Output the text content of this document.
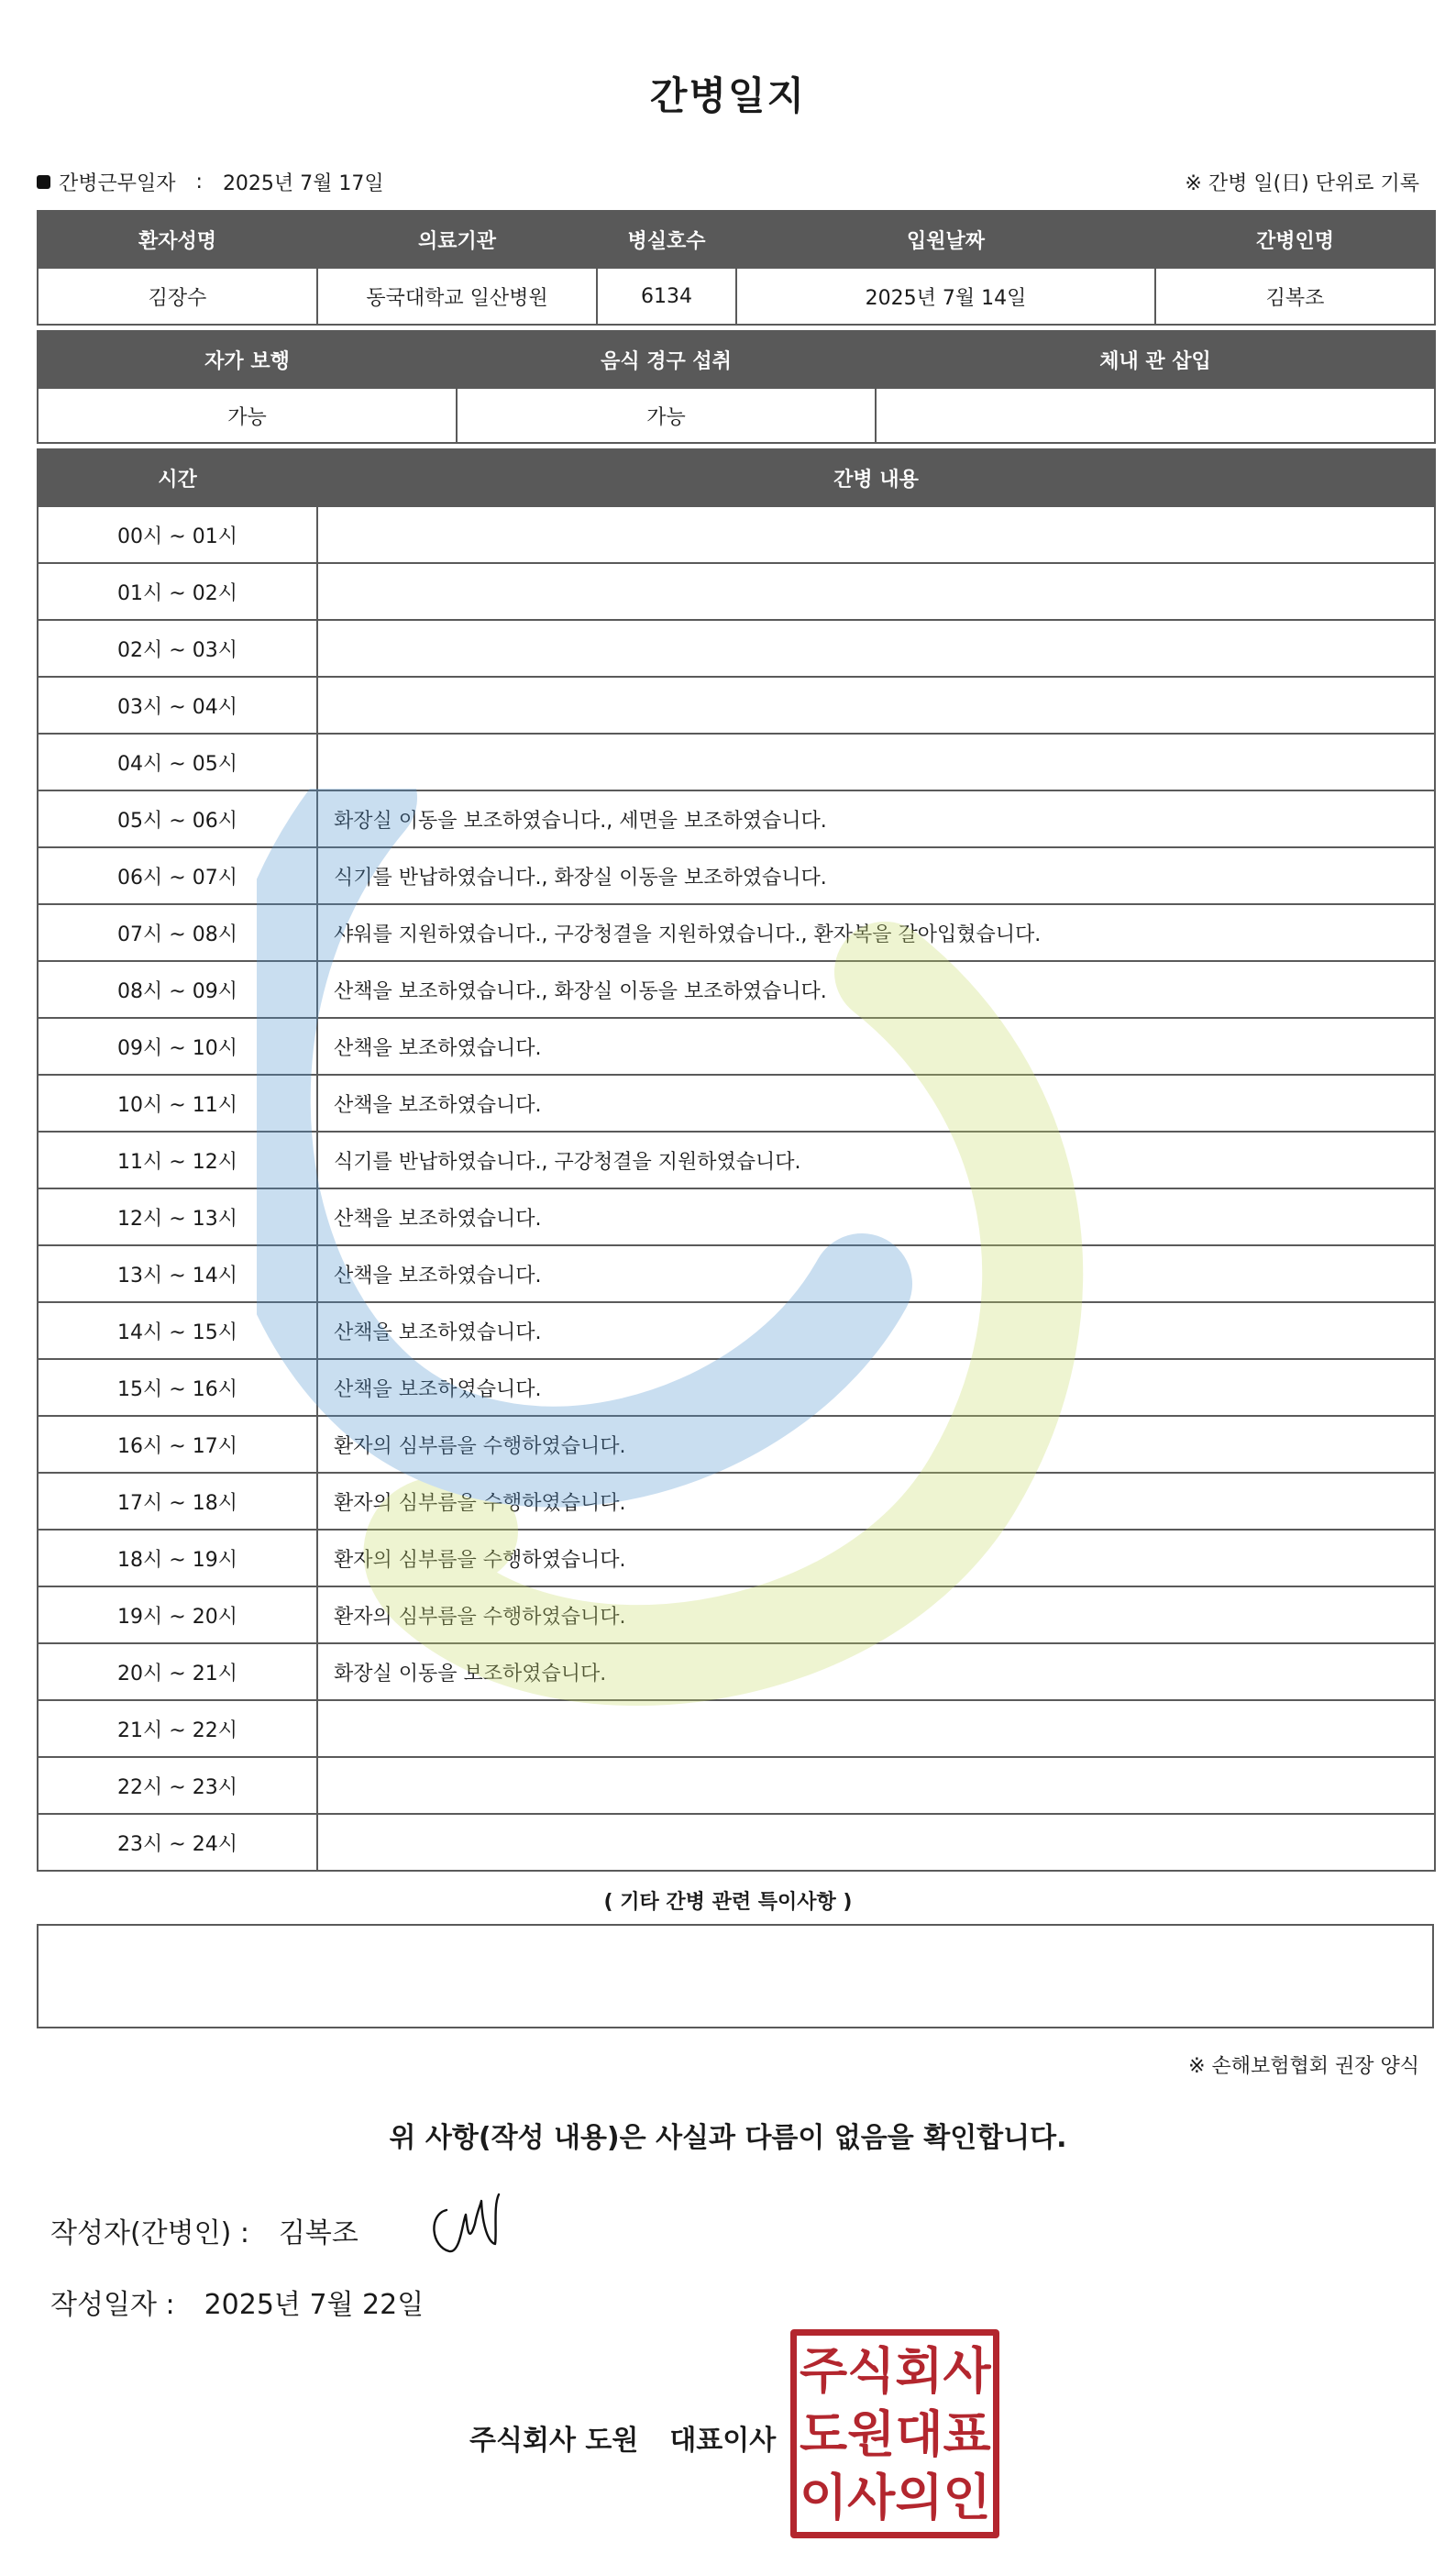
간병일지
간병근무일자 : 2025년 7월 17일	※ 간병 일(日) 단위로 기록
환자성명	의료기관	병실호수	입원날짜	간병인명
김장수	동국대학교 일산병원	6134	2025년 7월 14일	김복조
자가 보행	음식 경구 섭취	체내 관 삽입
가능	가능	
시간	간병 내용
00시 ~ 01시	
01시 ~ 02시	
02시 ~ 03시	
03시 ~ 04시	
04시 ~ 05시	
05시 ~ 06시	화장실 이동을 보조하였습니다., 세면을 보조하였습니다.
06시 ~ 07시	식기를 반납하였습니다., 화장실 이동을 보조하였습니다.
07시 ~ 08시	샤워를 지원하였습니다., 구강청결을 지원하였습니다., 환자복을 갈아입혔습니다.
08시 ~ 09시	산책을 보조하였습니다., 화장실 이동을 보조하였습니다.
09시 ~ 10시	산책을 보조하였습니다.
10시 ~ 11시	산책을 보조하였습니다.
11시 ~ 12시	식기를 반납하였습니다., 구강청결을 지원하였습니다.
12시 ~ 13시	산책을 보조하였습니다.
13시 ~ 14시	산책을 보조하였습니다.
14시 ~ 15시	산책을 보조하였습니다.
15시 ~ 16시	산책을 보조하였습니다.
16시 ~ 17시	환자의 심부름을 수행하였습니다.
17시 ~ 18시	환자의 심부름을 수행하였습니다.
18시 ~ 19시	환자의 심부름을 수행하였습니다.
19시 ~ 20시	환자의 심부름을 수행하였습니다.
20시 ~ 21시	화장실 이동을 보조하였습니다.
21시 ~ 22시	
22시 ~ 23시	
23시 ~ 24시	
( 기타 간병 관련 특이사항 )
※ 손해보험협회 권장 양식
위 사항(작성 내용)은 사실과 다름이 없음을 확인합니다.
작성자(간병인) : 김복조
작성일자 : 2025년 7월 22일
주식회사 도원 대표이사
주 식 회 사
도 원 대 표
이 사 의 인
